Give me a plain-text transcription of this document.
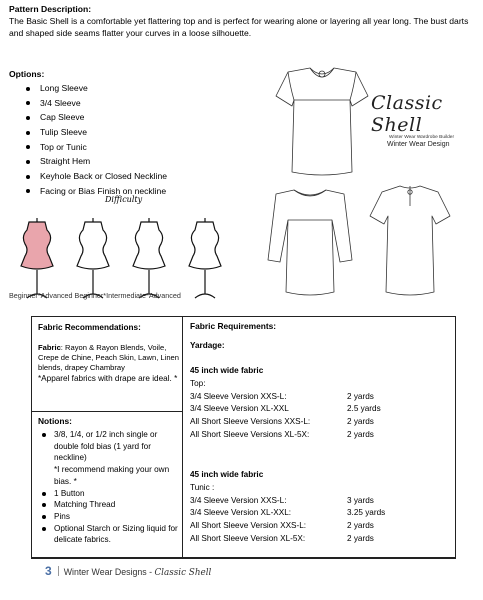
Pattern Description:
The Basic Shell is a comfortable yet flattering top and is perfect for wearing alone or layering all year long. The bust darts and shaped side seams flatter your curves in a loose silhouette.
Options:
Long Sleeve
3/4 Sleeve
Cap Sleeve
Tulip Sleeve
Top or Tunic
Straight Hem
Keyhole Back or Closed Neckline
Facing or Bias Finish on neckline
Classic Shell
Winter Wear Wardrobe Builder
Winter Wear Design
Difficulty
Beginner*Advanced Beginner*Intermediate*Advanced
Fabric Recommendations:
Fabric: Rayon & Rayon Blends, Voile, Crepe de Chine, Peach Skin, Lawn, Linen blends, drapey Chambray
*Apparel fabrics with drape are ideal. *
Notions:
3/8, 1/4, or 1/2 inch single or double fold bias (1 yard for neckline)
*I recommend making your own bias. *
1 Button
Matching Thread
Pins
Optional Starch or Sizing liquid for delicate fabrics.
Fabric Requirements:
Yardage:
45 inch wide fabric
Top:
3/4 Sleeve Version XXS-L:	2 yards
3/4 Sleeve Version XL-XXL	2.5 yards
All Short Sleeve Versions XXS-L:	2 yards
All Short Sleeve Versions XL-5X:	2 yards
45 inch wide fabric
Tunic :
3/4 Sleeve Version XXS-L:	3 yards
3/4 Sleeve Version XL-XXL:	3.25 yards
All Short Sleeve Version XXS-L:	2 yards
All Short Sleeve Version XL-5X:	2 yards
3 Winter Wear Designs - Classic Shell
